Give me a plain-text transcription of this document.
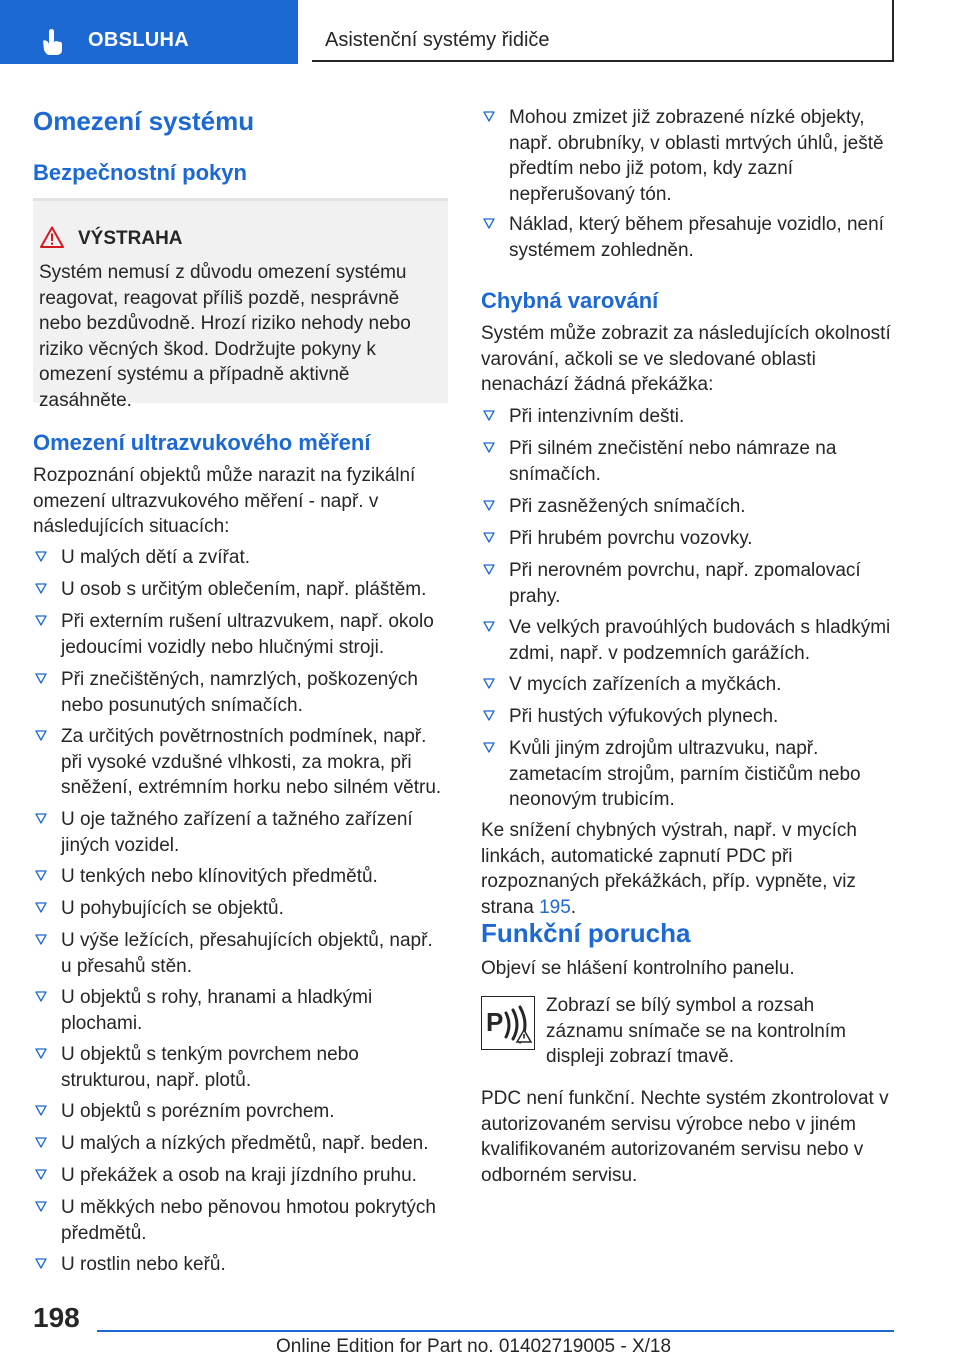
OBSLUHA	Asistenční systémy řidiče
Omezení systému
Bezpečnostní pokyn
VÝSTRAHA
Systém nemusí z důvodu omezení systému reagovat, reagovat příliš pozdě, nesprávně nebo bezdůvodně. Hrozí riziko nehody nebo riziko věcných škod. Dodržujte pokyny k omezení systému a případně aktivně zasáhněte.
Omezení ultrazvukového měření
Rozpoznání objektů může narazit na fyzikální omezení ultrazvukového měření - např. v následujících situacích:
U malých dětí a zvířat.
U osob s určitým oblečením, např. pláštěm.
Při externím rušení ultrazvukem, např. okolo jedoucími vozidly nebo hlučnými stroji.
Při znečištěných, namrzlých, poškozených nebo posunutých snímačích.
Za určitých povětrnostních podmínek, např. při vysoké vzdušné vlhkosti, za mokra, při sněžení, extrémním horku nebo silném větru.
U oje tažného zařízení a tažného zařízení jiných vozidel.
U tenkých nebo klínovitých předmětů.
U pohybujících se objektů.
U výše ležících, přesahujících objektů, např. u přesahů stěn.
U objektů s rohy, hranami a hladkými plochami.
U objektů s tenkým povrchem nebo strukturou, např. plotů.
U objektů s porézním povrchem.
U malých a nízkých předmětů, např. beden.
U překážek a osob na kraji jízdního pruhu.
U měkkých nebo pěnovou hmotou pokrytých předmětů.
U rostlin nebo keřů.
Mohou zmizet již zobrazené nízké objekty, např. obrubníky, v oblasti mrtvých úhlů, ještě předtím nebo již potom, kdy zazní nepřerušovaný tón.
Náklad, který během přesahuje vozidlo, není systémem zohledněn.
Chybná varování
Systém může zobrazit za následujících okolností varování, ačkoli se ve sledované oblasti nenachází žádná překážka:
Při intenzivním dešti.
Při silném znečistění nebo námraze na snímačích.
Při zasněžených snímačích.
Při hrubém povrchu vozovky.
Při nerovném povrchu, např. zpomalovací prahy.
Ve velkých pravoúhlých budovách s hladkými zdmi, např. v podzemních garážích.
V mycích zařízeních a myčkách.
Při hustých výfukových plynech.
Kvůli jiným zdrojům ultrazvuku, např. zametacím strojům, parním čističům nebo neonovým trubicím.
Ke snížení chybných výstrah, např. v mycích linkách, automatické zapnutí PDC při rozpoznaných překážkách, příp. vypněte, viz strana 195.
Funkční porucha
Objeví se hlášení kontrolního panelu.
P
Zobrazí se bílý symbol a rozsah záznamu snímače se na kontrolním displeji zobrazí tmavě.
PDC není funkční. Nechte systém zkontrolovat v autorizovaném servisu výrobce nebo v jiném kvalifikovaném autorizovaném servisu nebo v odborném servisu.
198
Online Edition for Part no. 01402719005 - X/18
